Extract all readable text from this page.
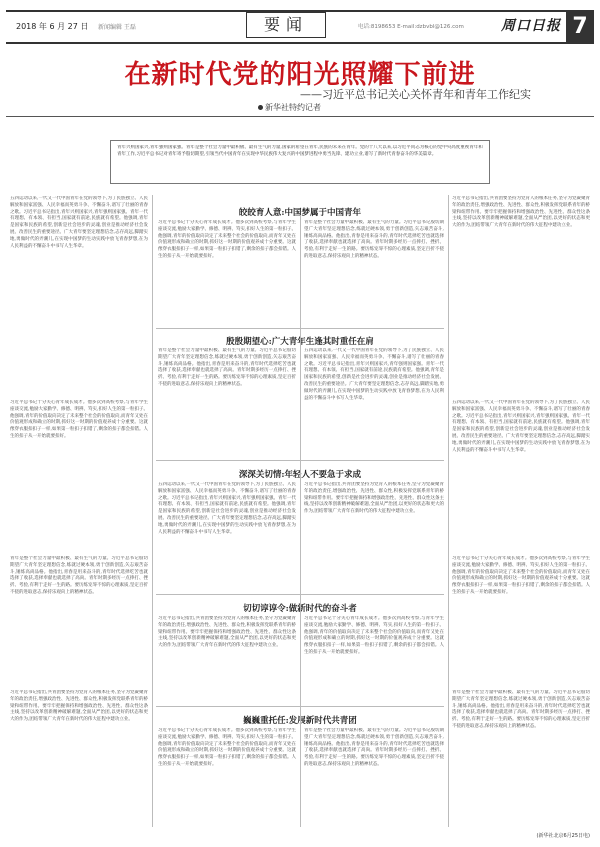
2018 年 6 月 27 日 新闻编辑 王磊	要闻	电话:8198653 E-mail:dzbvbl@126.com	周口日报 7
在新时代党的阳光照耀下前进
——习近平总书记关心关怀青年和青年工作纪实
新华社特约记者
青年兴则国家兴,青年强则国家强。青年是整个社会力量中最积极、最有生气的力量,国家的希望在青年,民族的未来在青年。党的十八大以来,以习近平同志为核心的党中央高度重视青年和青年工作,习近平总书记对青年寄予殷切期望,引领当代中国青年在实现中华民族伟大复兴的中国梦进程中勇当先锋、建功立业,谱写了新时代青春奋斗的华美篇章。
皎皎育人意:中国梦属于中国青年
殷殷期望心:广大青年生逢其时重任在肩
深深关切情:年轻人不要急于求成
切切谆谆令:做新时代的奋斗者
巍巍重托任:发展新时代共青团
五四运动以来,一代又一代中国青年在党的领导下,为了民族独立、人民解放和国家富强、人民幸福而英勇斗争、不懈奋斗,谱写了壮丽的青春之歌。习近平总书记指出,青年兴则国家兴,青年强则国家强。青年一代有理想、有本领、有担当,国家就有前途,民族就有希望。他强调,青年是国家和民族的希望,创新是社会进步的灵魂,创业是推动经济社会发展、改善民生的重要途径。广大青年要坚定理想信念,志存高远,脚踏实地,勇做时代的弄潮儿,在实现中国梦的生动实践中放飞青春梦想,在为人民利益的不懈奋斗中书写人生华章。
习近平总书记十分关心青年成长成才。他多次到高校考察,与青年学生座谈交流,勉励大家勤学、修德、明辨、笃实,扣好人生的第一粒扣子。他强调,青年的价值取向决定了未来整个社会的价值取向,而青年又处在价值观形成和确立的时期,抓好这一时期的价值观养成十分重要。这就像穿衣服扣扣子一样,如果第一粒扣子扣错了,剩余的扣子都会扣错。人生的扣子从一开始就要扣好。
青年是整个社会力量中最积极、最有生气的力量。习近平总书记殷切期望广大青年坚定理想信念,练就过硬本领,勇于创新创造,矢志艰苦奋斗,锤炼高尚品格。他指出,青春是用来奋斗的,青年时代选择吃苦也就选择了收获,选择奉献也就选择了高尚。青年时期多经历一点摔打、挫折、考验,有利于走好一生的路。要历练宠辱不惊的心理素质,坚定百折不挠的进取意志,保持乐观向上的精神状态。
习近平总书记指出,共青团要坚持为党育人的根本任务,坚守为党凝聚青年的政治责任,增强政治性、先进性、群众性,积极发挥党联系青年的桥梁和纽带作用。要牢牢把握保持和增强政治性、先进性、群众性这条主线,坚持以改革创新精神破解难题,全面从严治团,以更好的状态和更大的作为,团结带领广大青年在新时代的伟大征程中建功立业。
习近平总书记十分关心青年成长成才。他多次到高校考察,与青年学生座谈交流,勉励大家勤学、修德、明辨、笃实,扣好人生的第一粒扣子。他强调,青年的价值取向决定了未来整个社会的价值取向,而青年又处在价值观形成和确立的时期,抓好这一时期的价值观养成十分重要。这就像穿衣服扣扣子一样,如果第一粒扣子扣错了,剩余的扣子都会扣错。人生的扣子从一开始就要扣好。
青年是整个社会力量中最积极、最有生气的力量。习近平总书记殷切期望广大青年坚定理想信念,练就过硬本领,勇于创新创造,矢志艰苦奋斗,锤炼高尚品格。他指出,青春是用来奋斗的,青年时代选择吃苦也就选择了收获,选择奉献也就选择了高尚。青年时期多经历一点摔打、挫折、考验,有利于走好一生的路。要历练宠辱不惊的心理素质,坚定百折不挠的进取意志,保持乐观向上的精神状态。
五四运动以来,一代又一代中国青年在党的领导下,为了民族独立、人民解放和国家富强、人民幸福而英勇斗争、不懈奋斗,谱写了壮丽的青春之歌。习近平总书记指出,青年兴则国家兴,青年强则国家强。青年一代有理想、有本领、有担当,国家就有前途,民族就有希望。他强调,青年是国家和民族的希望,创新是社会进步的灵魂,创业是推动经济社会发展、改善民生的重要途径。广大青年要坚定理想信念,志存高远,脚踏实地,勇做时代的弄潮儿,在实现中国梦的生动实践中放飞青春梦想,在为人民利益的不懈奋斗中书写人生华章。
习近平总书记指出,共青团要坚持为党育人的根本任务,坚守为党凝聚青年的政治责任,增强政治性、先进性、群众性,积极发挥党联系青年的桥梁和纽带作用。要牢牢把握保持和增强政治性、先进性、群众性这条主线,坚持以改革创新精神破解难题,全面从严治团,以更好的状态和更大的作为,团结带领广大青年在新时代的伟大征程中建功立业。
习近平总书记十分关心青年成长成才。他多次到高校考察,与青年学生座谈交流,勉励大家勤学、修德、明辨、笃实,扣好人生的第一粒扣子。他强调,青年的价值取向决定了未来整个社会的价值取向,而青年又处在价值观形成和确立的时期,抓好这一时期的价值观养成十分重要。这就像穿衣服扣扣子一样,如果第一粒扣子扣错了,剩余的扣子都会扣错。人生的扣子从一开始就要扣好。
青年是整个社会力量中最积极、最有生气的力量。习近平总书记殷切期望广大青年坚定理想信念,练就过硬本领,勇于创新创造,矢志艰苦奋斗,锤炼高尚品格。他指出,青春是用来奋斗的,青年时代选择吃苦也就选择了收获,选择奉献也就选择了高尚。青年时期多经历一点摔打、挫折、考验,有利于走好一生的路。要历练宠辱不惊的心理素质,坚定百折不挠的进取意志,保持乐观向上的精神状态。
五四运动以来,一代又一代中国青年在党的领导下,为了民族独立、人民解放和国家富强、人民幸福而英勇斗争、不懈奋斗,谱写了壮丽的青春之歌。习近平总书记指出,青年兴则国家兴,青年强则国家强。青年一代有理想、有本领、有担当,国家就有前途,民族就有希望。他强调,青年是国家和民族的希望,创新是社会进步的灵魂,创业是推动经济社会发展、改善民生的重要途径。广大青年要坚定理想信念,志存高远,脚踏实地,勇做时代的弄潮儿,在实现中国梦的生动实践中放飞青春梦想,在为人民利益的不懈奋斗中书写人生华章。
习近平总书记指出,共青团要坚持为党育人的根本任务,坚守为党凝聚青年的政治责任,增强政治性、先进性、群众性,积极发挥党联系青年的桥梁和纽带作用。要牢牢把握保持和增强政治性、先进性、群众性这条主线,坚持以改革创新精神破解难题,全面从严治团,以更好的状态和更大的作为,团结带领广大青年在新时代的伟大征程中建功立业。
习近平总书记十分关心青年成长成才。他多次到高校考察,与青年学生座谈交流,勉励大家勤学、修德、明辨、笃实,扣好人生的第一粒扣子。他强调,青年的价值取向决定了未来整个社会的价值取向,而青年又处在价值观形成和确立的时期,抓好这一时期的价值观养成十分重要。这就像穿衣服扣扣子一样,如果第一粒扣子扣错了,剩余的扣子都会扣错。人生的扣子从一开始就要扣好。
青年是整个社会力量中最积极、最有生气的力量。习近平总书记殷切期望广大青年坚定理想信念,练就过硬本领,勇于创新创造,矢志艰苦奋斗,锤炼高尚品格。他指出,青春是用来奋斗的,青年时代选择吃苦也就选择了收获,选择奉献也就选择了高尚。青年时期多经历一点摔打、挫折、考验,有利于走好一生的路。要历练宠辱不惊的心理素质,坚定百折不挠的进取意志,保持乐观向上的精神状态。
习近平总书记指出,共青团要坚持为党育人的根本任务,坚守为党凝聚青年的政治责任,增强政治性、先进性、群众性,积极发挥党联系青年的桥梁和纽带作用。要牢牢把握保持和增强政治性、先进性、群众性这条主线,坚持以改革创新精神破解难题,全面从严治团,以更好的状态和更大的作为,团结带领广大青年在新时代的伟大征程中建功立业。
五四运动以来,一代又一代中国青年在党的领导下,为了民族独立、人民解放和国家富强、人民幸福而英勇斗争、不懈奋斗,谱写了壮丽的青春之歌。习近平总书记指出,青年兴则国家兴,青年强则国家强。青年一代有理想、有本领、有担当,国家就有前途,民族就有希望。他强调,青年是国家和民族的希望,创新是社会进步的灵魂,创业是推动经济社会发展、改善民生的重要途径。广大青年要坚定理想信念,志存高远,脚踏实地,勇做时代的弄潮儿,在实现中国梦的生动实践中放飞青春梦想,在为人民利益的不懈奋斗中书写人生华章。
习近平总书记十分关心青年成长成才。他多次到高校考察,与青年学生座谈交流,勉励大家勤学、修德、明辨、笃实,扣好人生的第一粒扣子。他强调,青年的价值取向决定了未来整个社会的价值取向,而青年又处在价值观形成和确立的时期,抓好这一时期的价值观养成十分重要。这就像穿衣服扣扣子一样,如果第一粒扣子扣错了,剩余的扣子都会扣错。人生的扣子从一开始就要扣好。
青年是整个社会力量中最积极、最有生气的力量。习近平总书记殷切期望广大青年坚定理想信念,练就过硬本领,勇于创新创造,矢志艰苦奋斗,锤炼高尚品格。他指出,青春是用来奋斗的,青年时代选择吃苦也就选择了收获,选择奉献也就选择了高尚。青年时期多经历一点摔打、挫折、考验,有利于走好一生的路。要历练宠辱不惊的心理素质,坚定百折不挠的进取意志,保持乐观向上的精神状态。
(新华社北京6月25日电)
